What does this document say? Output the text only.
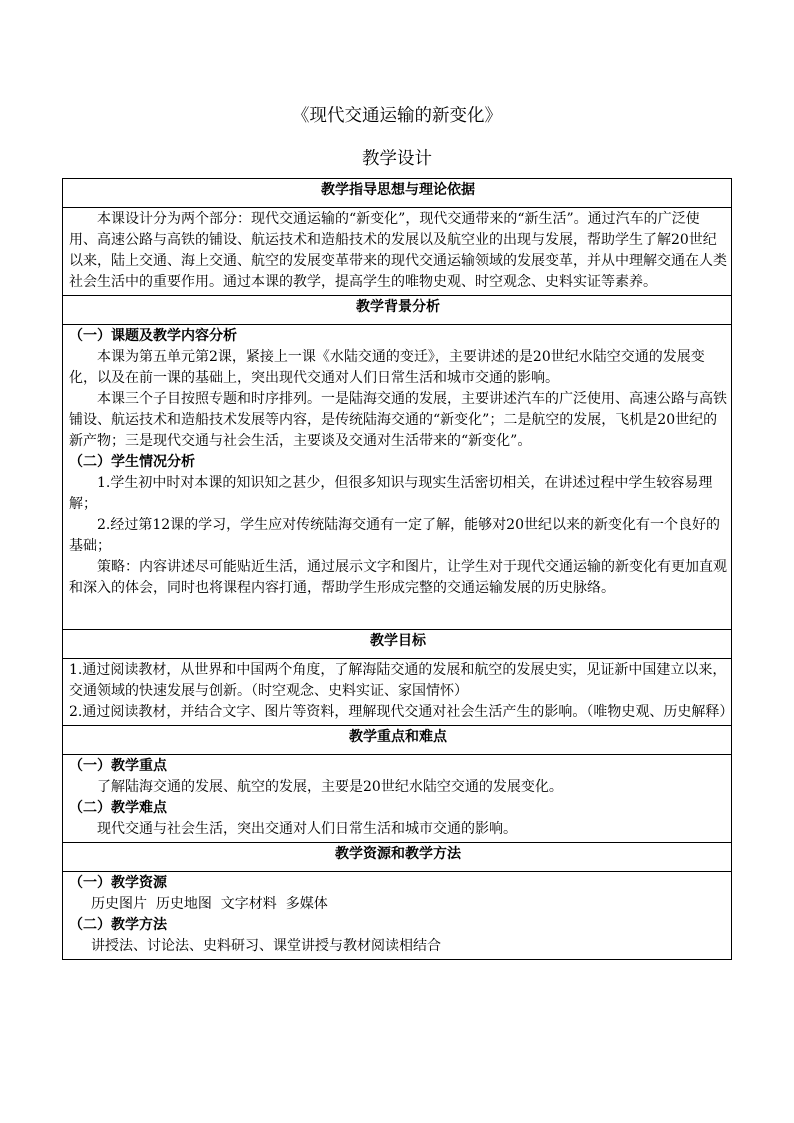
《现代交通运输的新变化》
教学设计
教学指导思想与理论依据

本课设计分为两个部分：现代交通运输的“新变化”，现代交通带来的“新生活”。通过汽车的广泛使用、高速公路与高铁的铺设、航运技术和造船技术的发展以及航空业的出现与发展，帮助学生了解20世纪以来，陆上交通、海上交通、航空的发展变革带来的现代交通运输领域的发展变革，并从中理解交通在人类社会生活中的重要作用。通过本课的教学，提高学生的唯物史观、时空观念、史料实证等素养。

教学背景分析

（一）课题及教学内容分析

本课为第五单元第2课，紧接上一课《水陆交通的变迁》，主要讲述的是20世纪水陆空交通的发展变化，以及在前一课的基础上，突出现代交通对人们日常生活和城市交通的影响。

本课三个子目按照专题和时序排列。一是陆海交通的发展，主要讲述汽车的广泛使用、高速公路与高铁铺设、航运技术和造船技术发展等内容，是传统陆海交通的“新变化”；二是航空的发展，飞机是20世纪的新产物；三是现代交通与社会生活，主要谈及交通对生活带来的“新变化”。

（二）学生情况分析

1.学生初中时对本课的知识知之甚少，但很多知识与现实生活密切相关，在讲述过程中学生较容易理解；

2.经过第12课的学习，学生应对传统陆海交通有一定了解，能够对20世纪以来的新变化有一个良好的基础；

策略：内容讲述尽可能贴近生活，通过展示文字和图片，让学生对于现代交通运输的新变化有更加直观和深入的体会，同时也将课程内容打通，帮助学生形成完整的交通运输发展的历史脉络。

教学目标

1.通过阅读教材，从世界和中国两个角度，了解海陆交通的发展和航空的发展史实，见证新中国建立以来，交通领域的快速发展与创新。（时空观念、史料实证、家国情怀）

2.通过阅读教材，并结合文字、图片等资料，理解现代交通对社会生活产生的影响。（唯物史观、历史解释）

教学重点和难点

（一）教学重点

了解陆海交通的发展、航空的发展，主要是20世纪水陆空交通的发展变化。

（二）教学难点

现代交通与社会生活，突出交通对人们日常生活和城市交通的影响。

教学资源和教学方法

（一）教学资源

历史图片  历史地图  文字材料  多媒体

（二）教学方法

讲授法、讨论法、史料研习、课堂讲授与教材阅读相结合
